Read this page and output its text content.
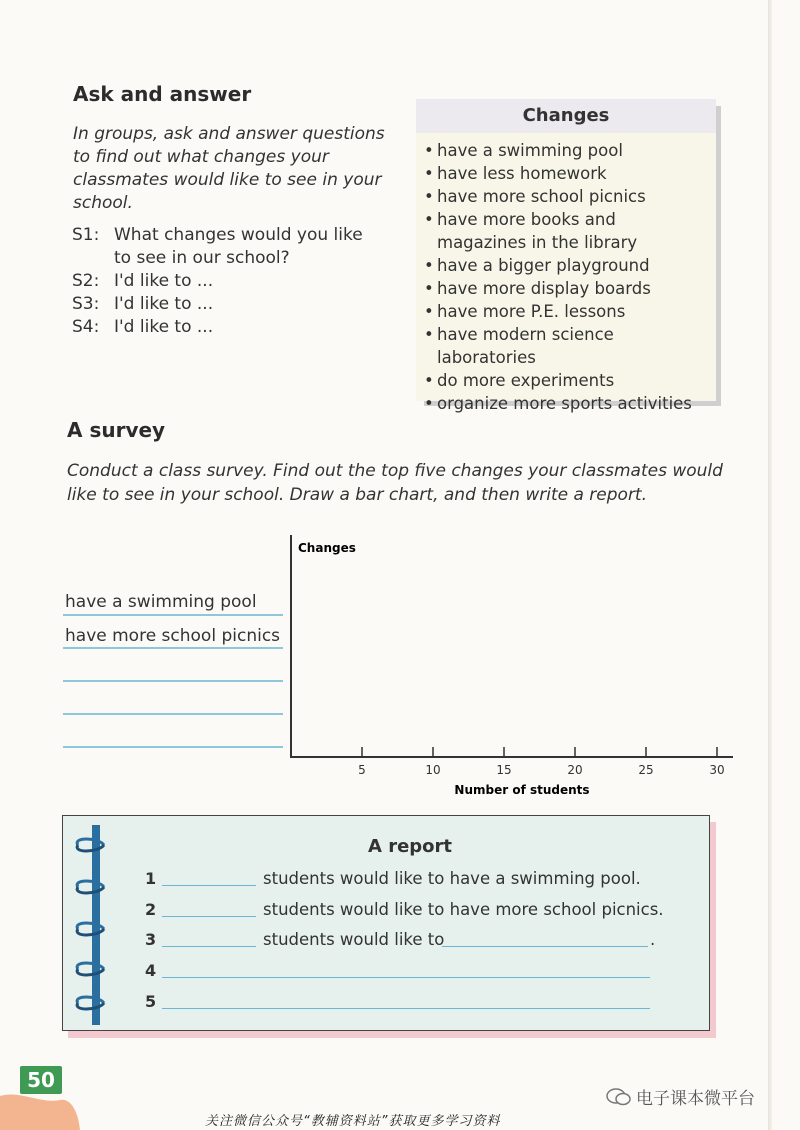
Ask and answer
In groups, ask and answer questions
to find out what changes your
classmates would like to see in your
school.
S1: What changes would you like
to see in our school?
S2: I'd like to ...
S3: I'd like to ...
S4: I'd like to ...
Changes
• have a swimming pool
• have less homework
• have more school picnics
• have more books and magazines in the library
• have a bigger playground
• have more display boards
• have more P.E. lessons
• have modern science laboratories
• do more experiments
• organize more sports activities
A survey
Conduct a class survey. Find out the top five changes your classmates would
like to see in your school. Draw a bar chart, and then write a report.
Changes
5	10	15	20	25	30
Number of students
have a swimming pool
have more school picnics
A report
1	students would like to have a swimming pool.
2	students would like to have more school picnics.
3	students would like to	.
4
5
50
电子课本微平台
关注微信公众号“教辅资料站”获取更多学习资料
